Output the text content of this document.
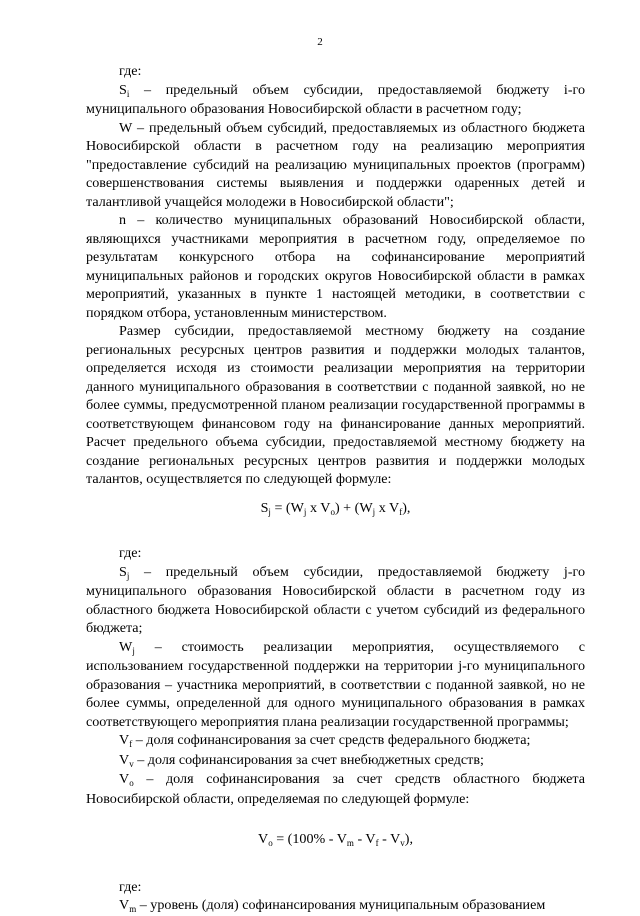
2

где:

$S_i$ – предельный объем субсидии, предоставляемой бюджету i-го муниципального образования Новосибирской области в расчетном году;

W – предельный объем субсидий, предоставляемых из областного бюджета Новосибирской области в расчетном году на реализацию мероприятия "предоставление субсидий на реализацию муниципальных проектов (программ) совершенствования системы выявления и поддержки одаренных детей и талантливой учащейся молодежи в Новосибирской области";

n – количество муниципальных образований Новосибирской области, являющихся участниками мероприятия в расчетном году, определяемое по результатам конкурсного отбора на софинансирование мероприятий муниципальных районов и городских округов Новосибирской области в рамках мероприятий, указанных в пункте 1 настоящей методики, в соответствии с порядком отбора, установленным министерством.

Размер субсидии, предоставляемой местному бюджету на создание региональных ресурсных центров развития и поддержки молодых талантов, определяется исходя из стоимости реализации мероприятия на территории данного муниципального образования в соответствии с поданной заявкой, но не более суммы, предусмотренной планом реализации государственной программы в соответствующем финансовом году на финансирование данных мероприятий. Расчет предельного объема субсидии, предоставляемой местному бюджету на создание региональных ресурсных центров развития и поддержки молодых талантов, осуществляется по следующей формуле:

$S_j = (W_j$ x $V_o) + (W_j$ x $V_f$),

где:

$S_j$ – предельный объем субсидии, предоставляемой бюджету j-го муниципального образования Новосибирской области в расчетном году из областного бюджета Новосибирской области с учетом субсидий из федерального бюджета;

$W_j$ – стоимость реализации мероприятия, осуществляемого с использованием государственной поддержки на территории j-го муниципального образования – участника мероприятий, в соответствии с поданной заявкой, но не более суммы, определенной для одного муниципального образования в рамках соответствующего мероприятия плана реализации государственной программы;

$V_f$ – доля софинансирования за счет средств федерального бюджета;

$V_v$ – доля софинансирования за счет внебюджетных средств;

$V_o$ – доля софинансирования за счет средств областного бюджета Новосибирской области, определяемая по следующей формуле:

$V_o = (100\% - V_m - V_f - V_v)$,

где:

$V_m$ – уровень (доля) софинансирования муниципальным образованием
